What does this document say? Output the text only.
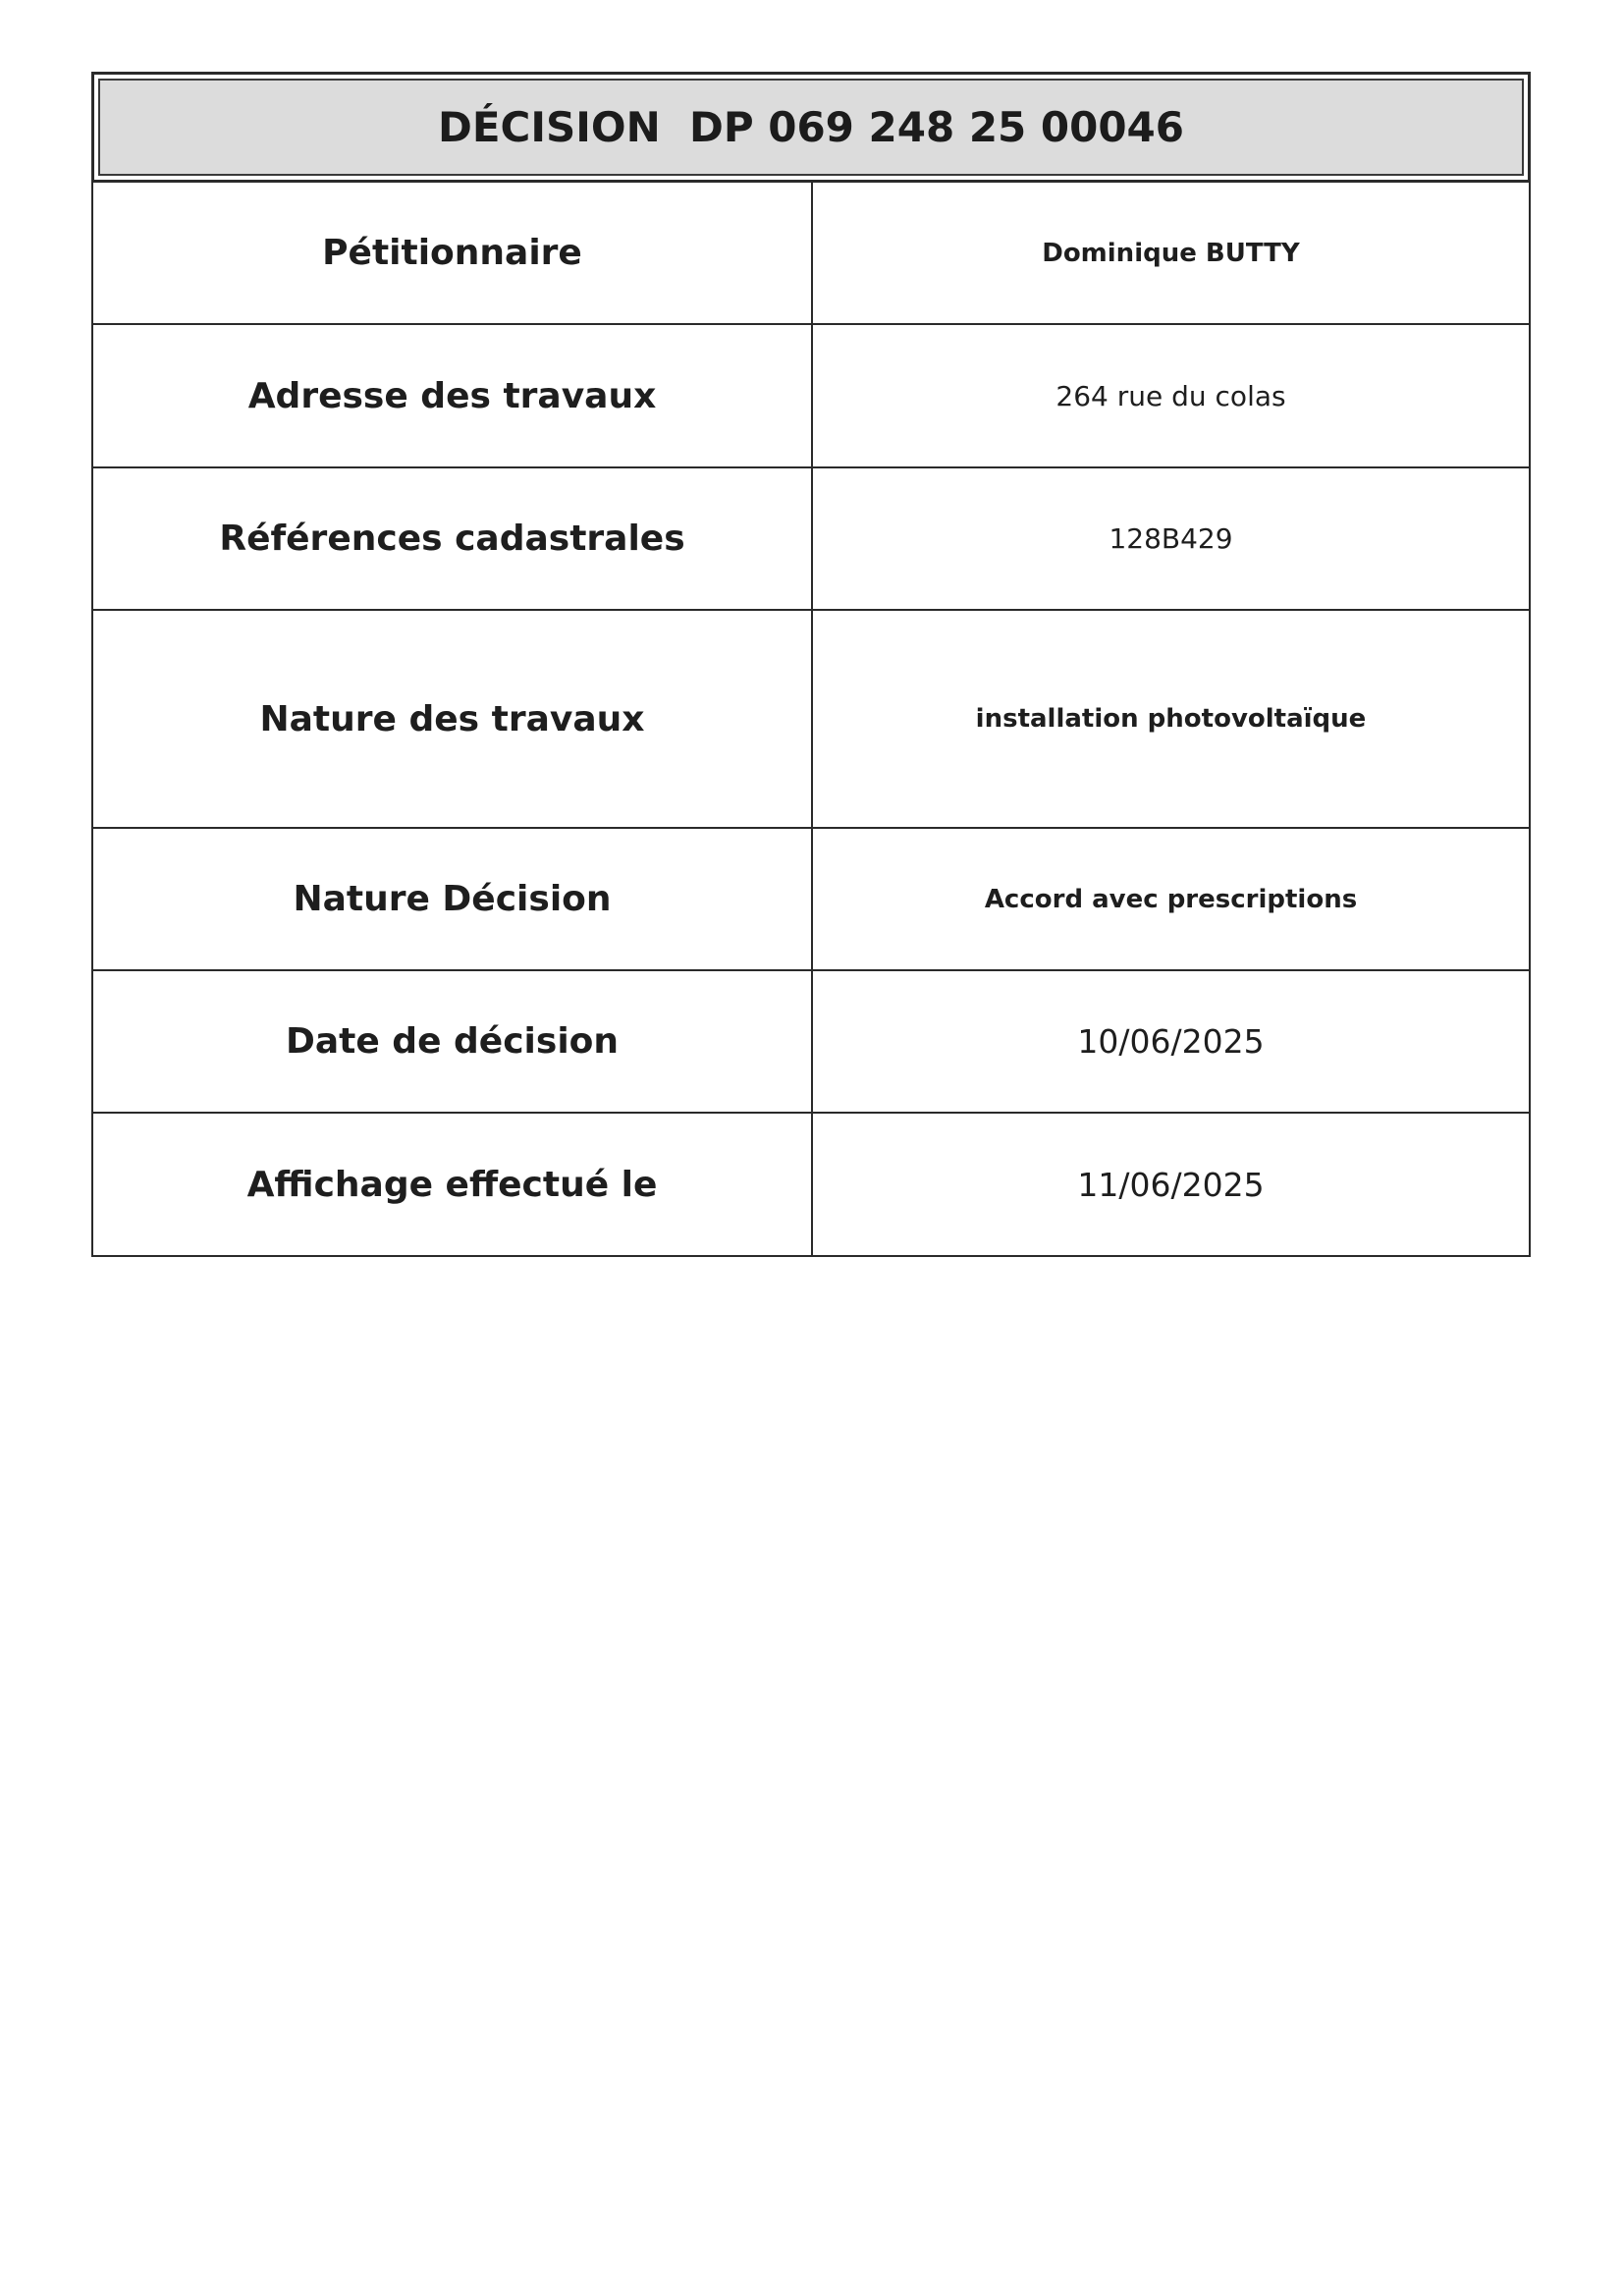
DÉCISION  DP 069 248 25 00046
Pétitionnaire	Dominique BUTTY
Adresse des travaux	264 rue du colas
Références cadastrales	128B429
Nature des travaux	installation photovoltaïque
Nature Décision	Accord avec prescriptions
Date de décision	10/06/2025
Affichage effectué le	11/06/2025
